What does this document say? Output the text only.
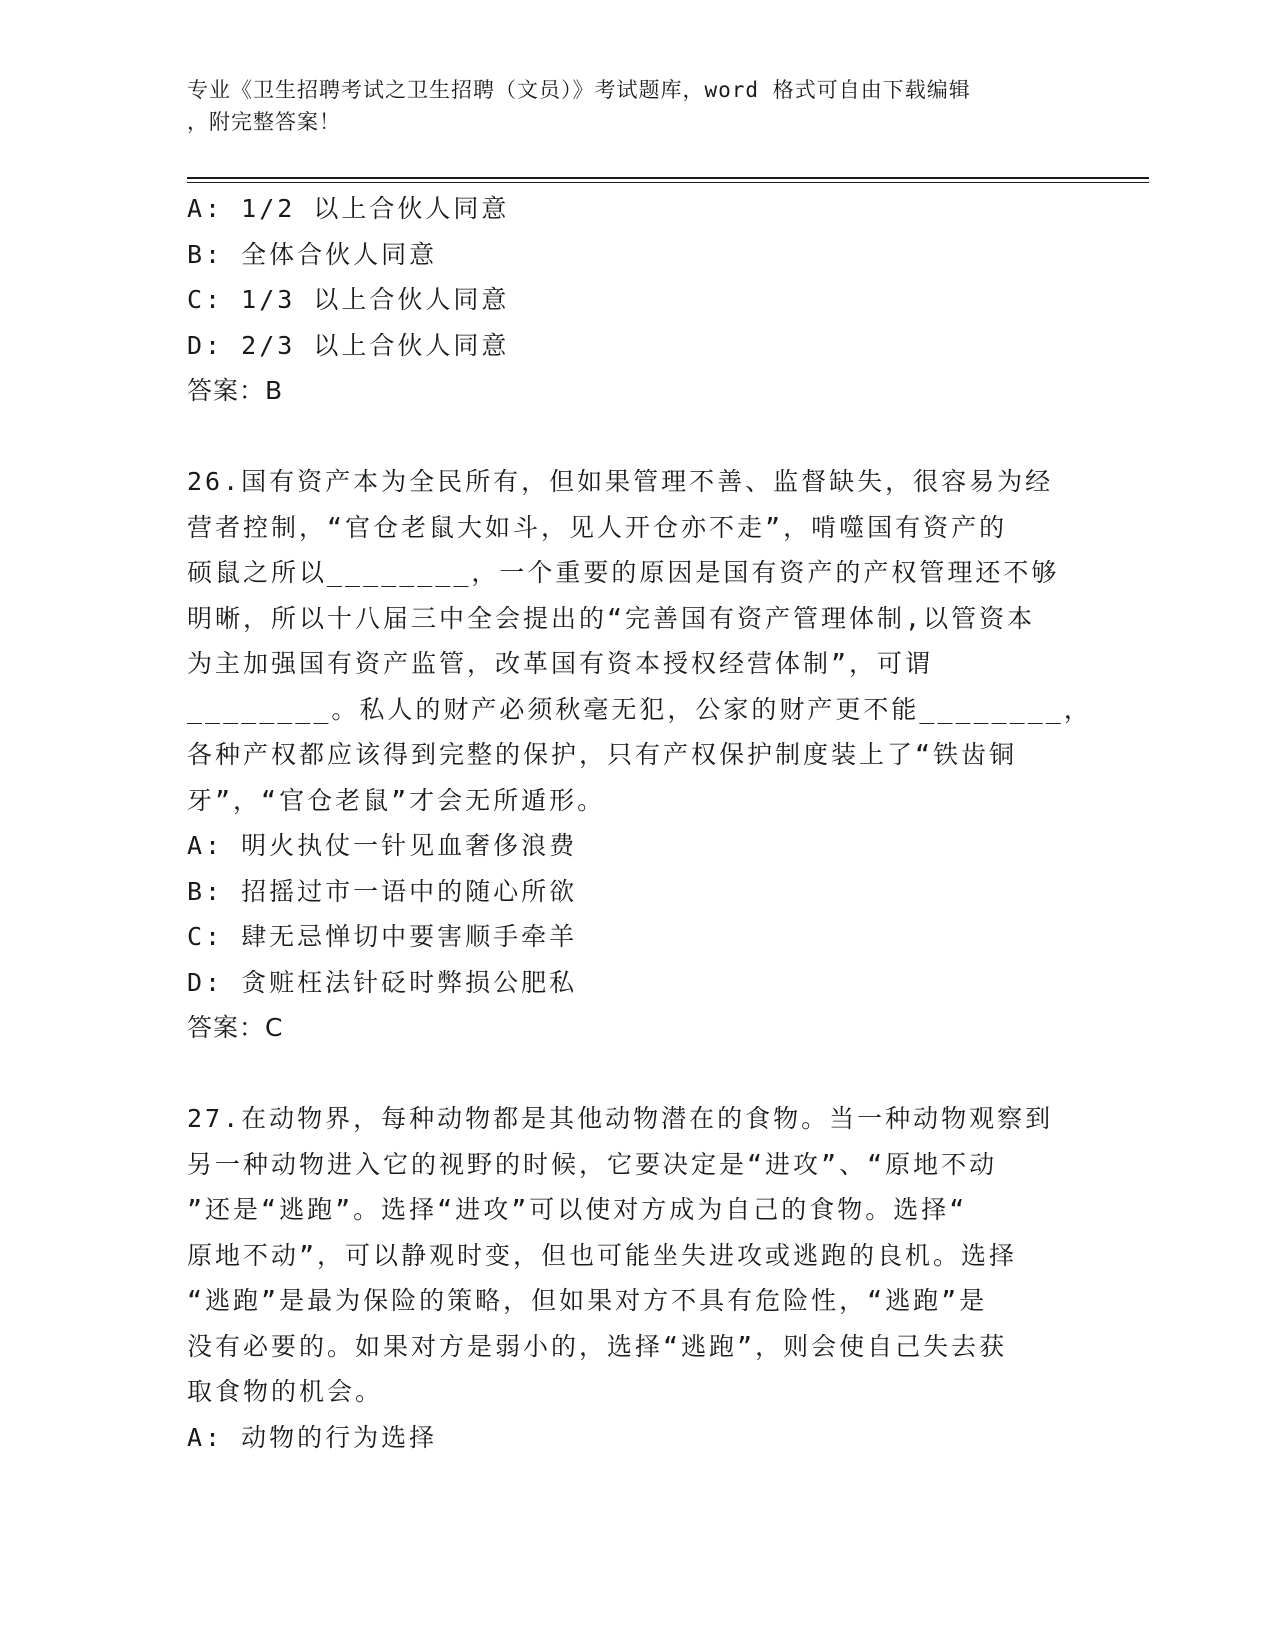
专业《卫生招聘考试之卫生招聘（文员）》考试题库，word 格式可自由下载编辑
，附完整答案！
A: 1/2 以上合伙人同意
B: 全体合伙人同意
C: 1/3 以上合伙人同意
D: 2/3 以上合伙人同意
答案：B
26.国有资产本为全民所有，但如果管理不善、监督缺失，很容易为经
营者控制，“官仓老鼠大如斗，见人开仓亦不走”，啃噬国有资产的
硕鼠之所以________，一个重要的原因是国有资产的产权管理还不够
明晰，所以十八届三中全会提出的“完善国有资产管理体制,以管资本
为主加强国有资产监管，改革国有资本授权经营体制”，可谓
________。私人的财产必须秋毫无犯，公家的财产更不能________，
各种产权都应该得到完整的保护，只有产权保护制度装上了“铁齿铜
牙”，“官仓老鼠”才会无所遁形。
A: 明火执仗一针见血奢侈浪费
B: 招摇过市一语中的随心所欲
C: 肆无忌惮切中要害顺手牵羊
D: 贪赃枉法针砭时弊损公肥私
答案：C
27.在动物界，每种动物都是其他动物潜在的食物。当一种动物观察到
另一种动物进入它的视野的时候，它要决定是“进攻”、“原地不动
”还是“逃跑”。选择“进攻”可以使对方成为自己的食物。选择“
原地不动”，可以静观时变，但也可能坐失进攻或逃跑的良机。选择
“逃跑”是最为保险的策略，但如果对方不具有危险性，“逃跑”是
没有必要的。如果对方是弱小的，选择“逃跑”，则会使自己失去获
取食物的机会。
A: 动物的行为选择
